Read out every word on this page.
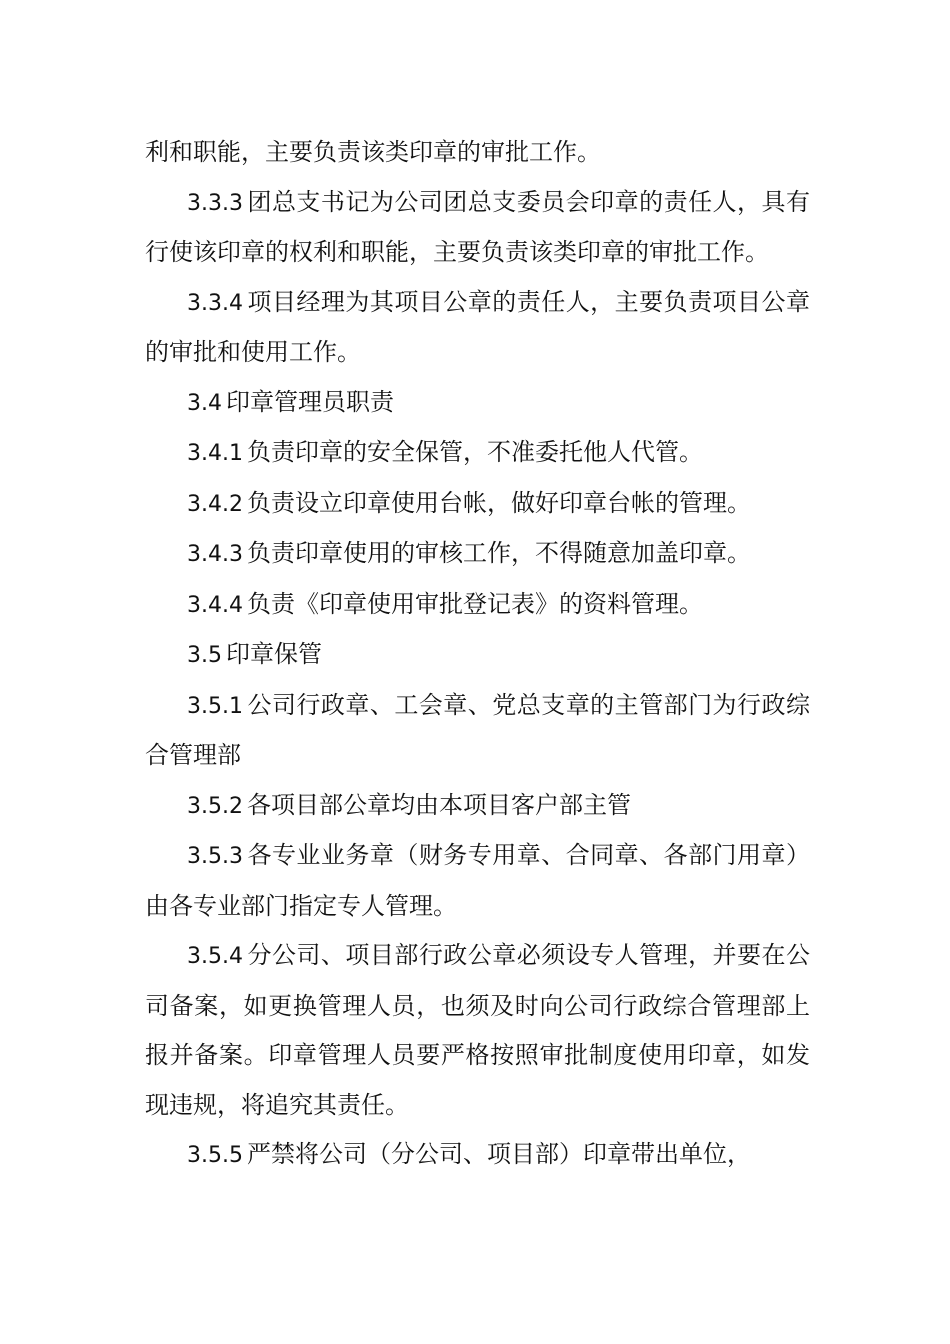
利和职能，主要负责该类印章的审批工作。

3.3.3 团总支书记为公司团总支委员会印章的责任人，具有行使该印章的权利和职能，主要负责该类印章的审批工作。

3.3.4 项目经理为其项目公章的责任人，主要负责项目公章的审批和使用工作。

3.4 印章管理员职责

3.4.1 负责印章的安全保管，不准委托他人代管。

3.4.2 负责设立印章使用台帐，做好印章台帐的管理。

3.4.3 负责印章使用的审核工作，不得随意加盖印章。

3.4.4 负责《印章使用审批登记表》的资料管理。

3.5 印章保管

3.5.1 公司行政章、工会章、党总支章的主管部门为行政综合管理部

3.5.2 各项目部公章均由本项目客户部主管

3.5.3 各专业业务章（财务专用章、合同章、各部门用章）由各专业部门指定专人管理。

3.5.4 分公司、项目部行政公章必须设专人管理，并要在公司备案，如更换管理人员，也须及时向公司行政综合管理部上报并备案。印章管理人员要严格按照审批制度使用印章，如发现违规，将追究其责任。

3.5.5 严禁将公司（分公司、项目部）印章带出单位，
